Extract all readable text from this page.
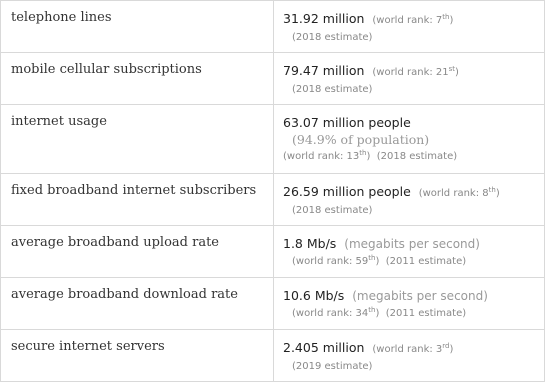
telephone lines	31.92 million (world rank: 7th)
(2018 estimate)

mobile cellular subscriptions	79.47 million (world rank: 21st)
(2018 estimate)

internet usage	63.07 million people
(94.9% of population)
(world rank: 13th) (2018 estimate)

fixed broadband internet subscribers	26.59 million people (world rank: 8th)
(2018 estimate)

average broadband upload rate	1.8 Mb/s (megabits per second)
(world rank: 59th) (2011 estimate)

average broadband download rate	10.6 Mb/s (megabits per second)
(world rank: 34th) (2011 estimate)

secure internet servers	2.405 million (world rank: 3rd)
(2019 estimate)
